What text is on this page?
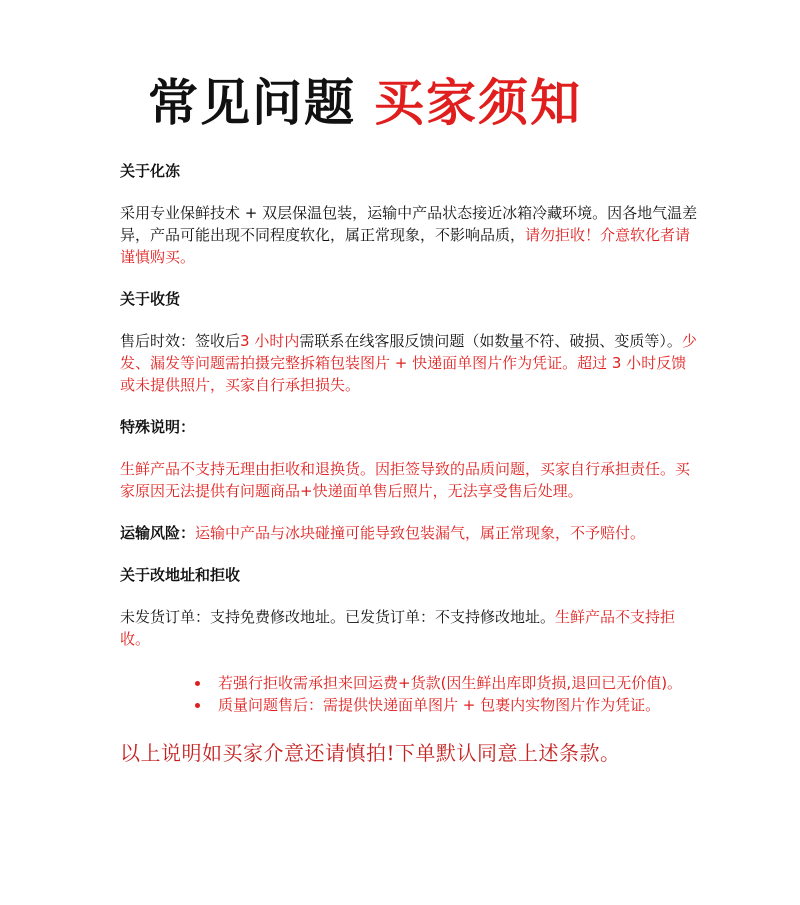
常见问题 买家须知

关于化冻

采用专业保鲜技术 + 双层保温包装，运输中产品状态接近冰箱冷藏环境。因各地气温差异，产品可能出现不同程度软化，属正常现象，不影响品质，请勿拒收！介意软化者请谨慎购买。

关于收货

售后时效：签收后3 小时内需联系在线客服反馈问题（如数量不符、破损、变质等）。少发、漏发等问题需拍摄完整拆箱包装图片 + 快递面单图片作为凭证。超过 3 小时反馈或未提供照片，买家自行承担损失。

特殊说明：

生鲜产品不支持无理由拒收和退换货。因拒签导致的品质问题，买家自行承担责任。买家原因无法提供有问题商品+快递面单售后照片，无法享受售后处理。

运输风险：运输中产品与冰块碰撞可能导致包装漏气，属正常现象，不予赔付。

关于改地址和拒收

未发货订单：支持免费修改地址。已发货订单：不支持修改地址。生鲜产品不支持拒收。

若强行拒收需承担来回运费+货款(因生鲜出库即货损,退回已无价值)。
质量问题售后：需提供快递面单图片 + 包裹内实物图片作为凭证。

以上说明如买家介意还请慎拍!下单默认同意上述条款。
